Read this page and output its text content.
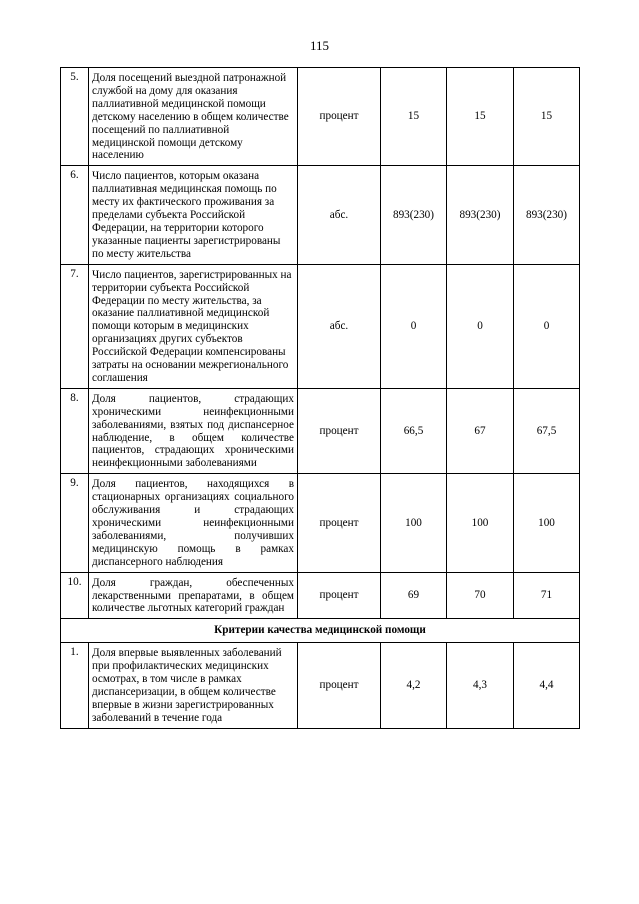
115
5.	Доля посещений выездной патронажной службой на дому для оказания паллиативной медицинской помощи детскому населению в общем количестве посещений по паллиативной медицинской помощи детскому населению	процент	15	15	15
6.	Число пациентов, которым оказана паллиативная медицинская помощь по месту их фактического проживания за пределами субъекта Российской Федерации, на территории которого указанные пациенты зарегистрированы по месту жительства	абс.	893(230)	893(230)	893(230)
7.	Число пациентов, зарегистрированных на территории субъекта Российской Федерации по месту жительства, за оказание паллиативной медицинской помощи которым в медицинских организациях других субъектов Российской Федерации компенсированы затраты на основании межрегионального соглашения	абс.	0	0	0
8.	Доля пациентов, страдающих хроническими неинфекционными заболеваниями, взятых под диспансерное наблюдение, в общем количестве пациентов, страдающих хроническими неинфекционными заболеваниями	процент	66,5	67	67,5
9.	Доля пациентов, находящихся в стационарных организациях социального обслуживания и страдающих хроническими неинфекционными заболеваниями, получивших медицинскую помощь в рамках диспансерного наблюдения	процент	100	100	100
10.	Доля граждан, обеспеченных лекарственными препаратами, в общем количестве льготных категорий граждан	процент	69	70	71
Критерии качества медицинской помощи					
1.	Доля впервые выявленных заболеваний при профилактических медицинских осмотрах, в том числе в рамках диспансеризации, в общем количестве впервые в жизни зарегистрированных заболеваний в течение года	процент	4,2	4,3	4,4
